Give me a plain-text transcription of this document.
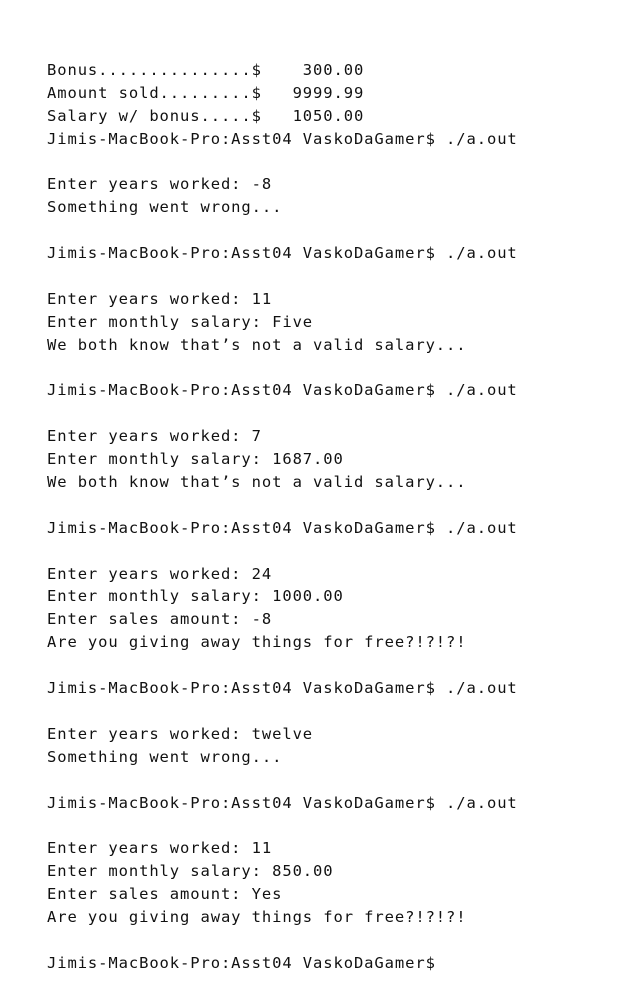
Bonus...............$    300.00
Amount sold.........$   9999.99
Salary w/ bonus.....$   1050.00
Jimis-MacBook-Pro:Asst04 VaskoDaGamer$ ./a.out
Enter years worked: -8
Something went wrong...
Jimis-MacBook-Pro:Asst04 VaskoDaGamer$ ./a.out
Enter years worked: 11
Enter monthly salary: Five
We both know that’s not a valid salary...
Jimis-MacBook-Pro:Asst04 VaskoDaGamer$ ./a.out
Enter years worked: 7
Enter monthly salary: 1687.00
We both know that’s not a valid salary...
Jimis-MacBook-Pro:Asst04 VaskoDaGamer$ ./a.out
Enter years worked: 24
Enter monthly salary: 1000.00
Enter sales amount: -8
Are you giving away things for free?!?!?!
Jimis-MacBook-Pro:Asst04 VaskoDaGamer$ ./a.out
Enter years worked: twelve
Something went wrong...
Jimis-MacBook-Pro:Asst04 VaskoDaGamer$ ./a.out
Enter years worked: 11
Enter monthly salary: 850.00
Enter sales amount: Yes
Are you giving away things for free?!?!?!
Jimis-MacBook-Pro:Asst04 VaskoDaGamer$
